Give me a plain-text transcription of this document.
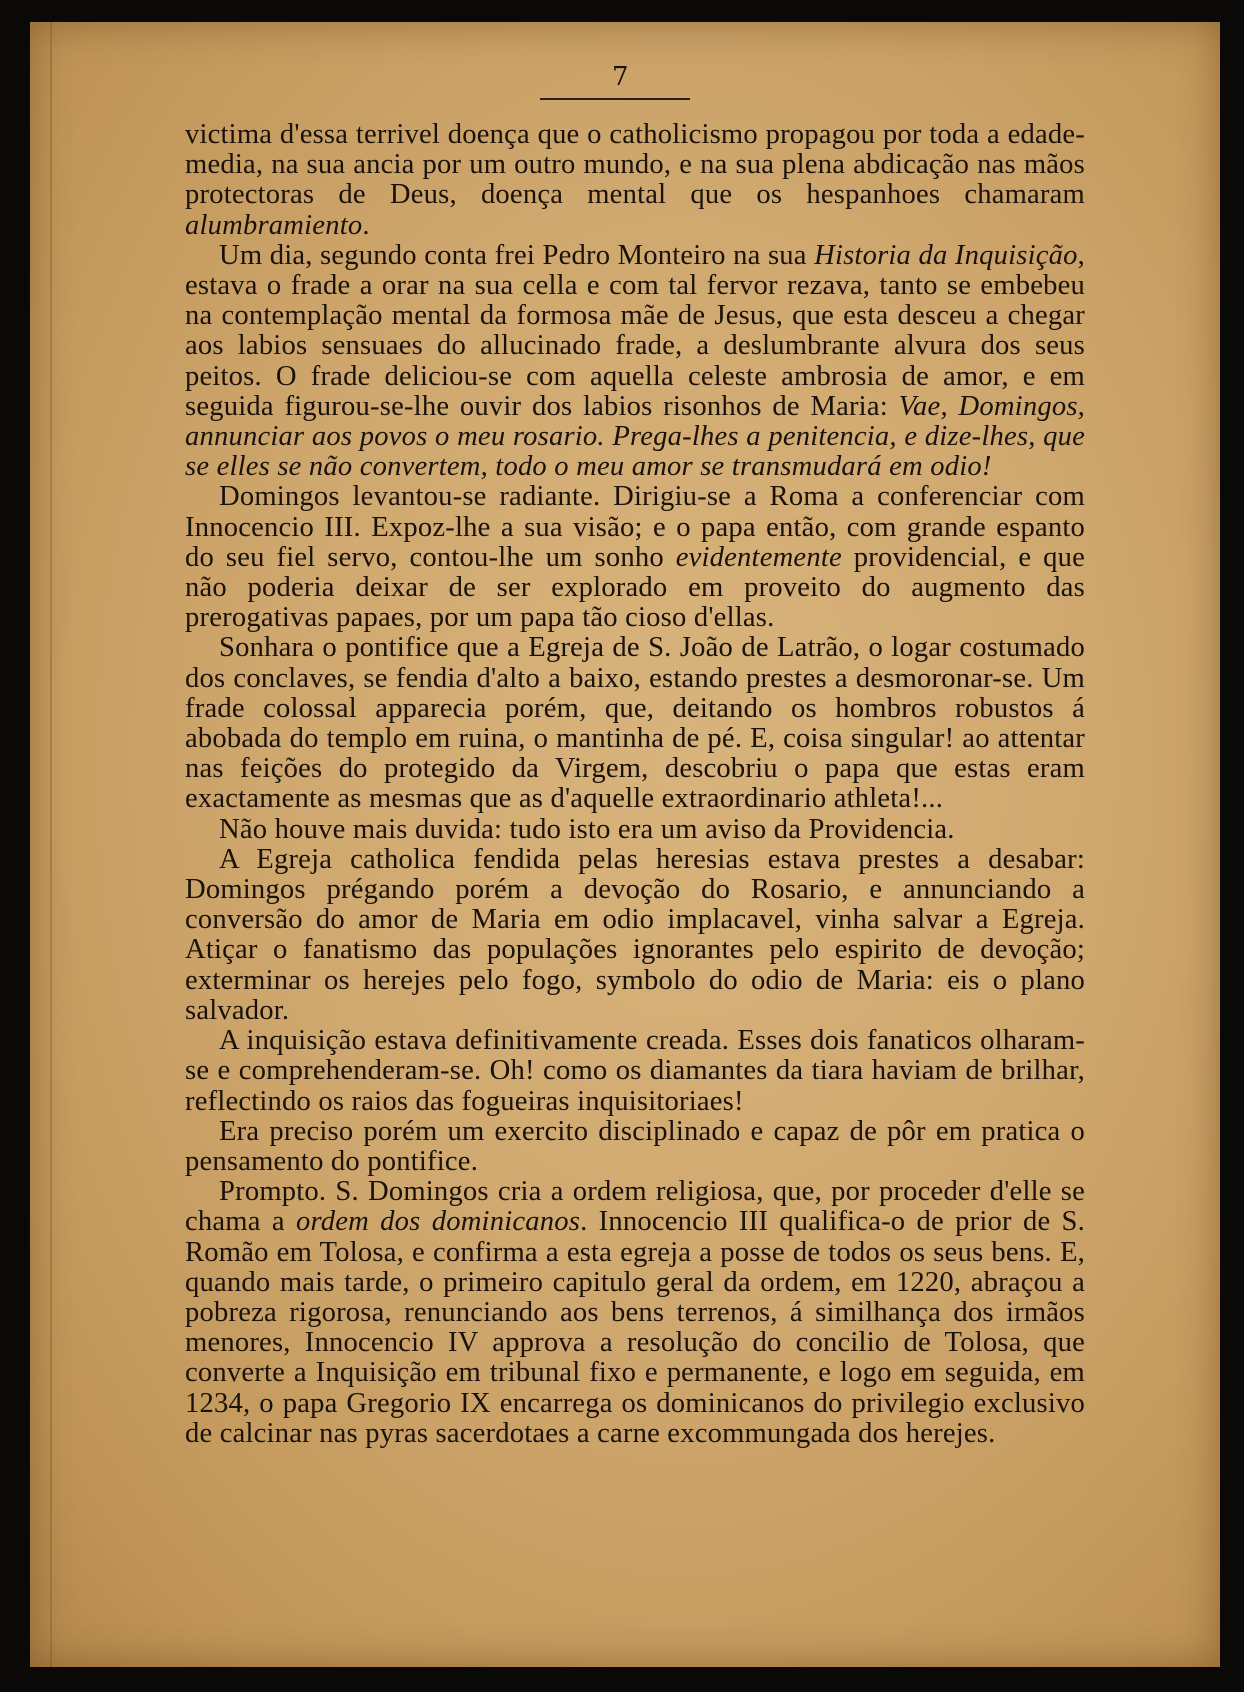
7

victima d'essa terrivel doença que o catholicismo propagou por toda a edade-media, na sua ancia por um outro mundo, e na sua plena abdicação nas mãos protectoras de Deus, doença mental que os hespanhoes chamaram alumbramiento.

Um dia, segundo conta frei Pedro Monteiro na sua Historia da Inquisição, estava o frade a orar na sua cella e com tal fervor rezava, tanto se embebeu na contemplação mental da formosa mãe de Jesus, que esta desceu a chegar aos labios sensuaes do allucinado frade, a deslumbrante alvura dos seus peitos. O frade deliciou-se com aquella celeste ambrosia de amor, e em seguida figurou-se-lhe ouvir dos labios risonhos de Maria: Vae, Domingos, annunciar aos povos o meu rosario. Prega-lhes a penitencia, e dize-lhes, que se elles se não convertem, todo o meu amor se transmudará em odio!

Domingos levantou-se radiante. Dirigiu-se a Roma a conferenciar com Innocencio III. Expoz-lhe a sua visão; e o papa então, com grande espanto do seu fiel servo, contou-lhe um sonho evidentemente providencial, e que não poderia deixar de ser explorado em proveito do augmento das prerogativas papaes, por um papa tão cioso d'ellas.

Sonhara o pontifice que a Egreja de S. João de Latrão, o logar costumado dos conclaves, se fendia d'alto a baixo, estando prestes a desmoronar-se. Um frade colossal apparecia porém, que, deitando os hombros robustos á abobada do templo em ruina, o mantinha de pé. E, coisa singular! ao attentar nas feições do protegido da Virgem, descobriu o papa que estas eram exactamente as mesmas que as d'aquelle extraordinario athleta!...

Não houve mais duvida: tudo isto era um aviso da Providencia.

A Egreja catholica fendida pelas heresias estava prestes a desabar: Domingos prégando porém a devoção do Rosario, e annunciando a conversão do amor de Maria em odio implacavel, vinha salvar a Egreja. Atiçar o fanatismo das populações ignorantes pelo espirito de devoção; exterminar os herejes pelo fogo, symbolo do odio de Maria: eis o plano salvador.

A inquisição estava definitivamente creada. Esses dois fanaticos olharam-se e comprehenderam-se. Oh! como os diamantes da tiara haviam de brilhar, reflectindo os raios das fogueiras inquisitoriaes!

Era preciso porém um exercito disciplinado e capaz de pôr em pratica o pensamento do pontifice.

Prompto. S. Domingos cria a ordem religiosa, que, por proceder d'elle se chama a ordem dos dominicanos. Innocencio III qualifica-o de prior de S. Romão em Tolosa, e confirma a esta egreja a posse de todos os seus bens. E, quando mais tarde, o primeiro capitulo geral da ordem, em 1220, abraçou a pobreza rigorosa, renunciando aos bens terrenos, á similhança dos irmãos menores, Innocencio IV approva a resolução do concilio de Tolosa, que converte a Inquisição em tribunal fixo e permanente, e logo em seguida, em 1234, o papa Gregorio IX encarrega os dominicanos do privilegio exclusivo de calcinar nas pyras sacerdotaes a carne excommungada dos herejes.
